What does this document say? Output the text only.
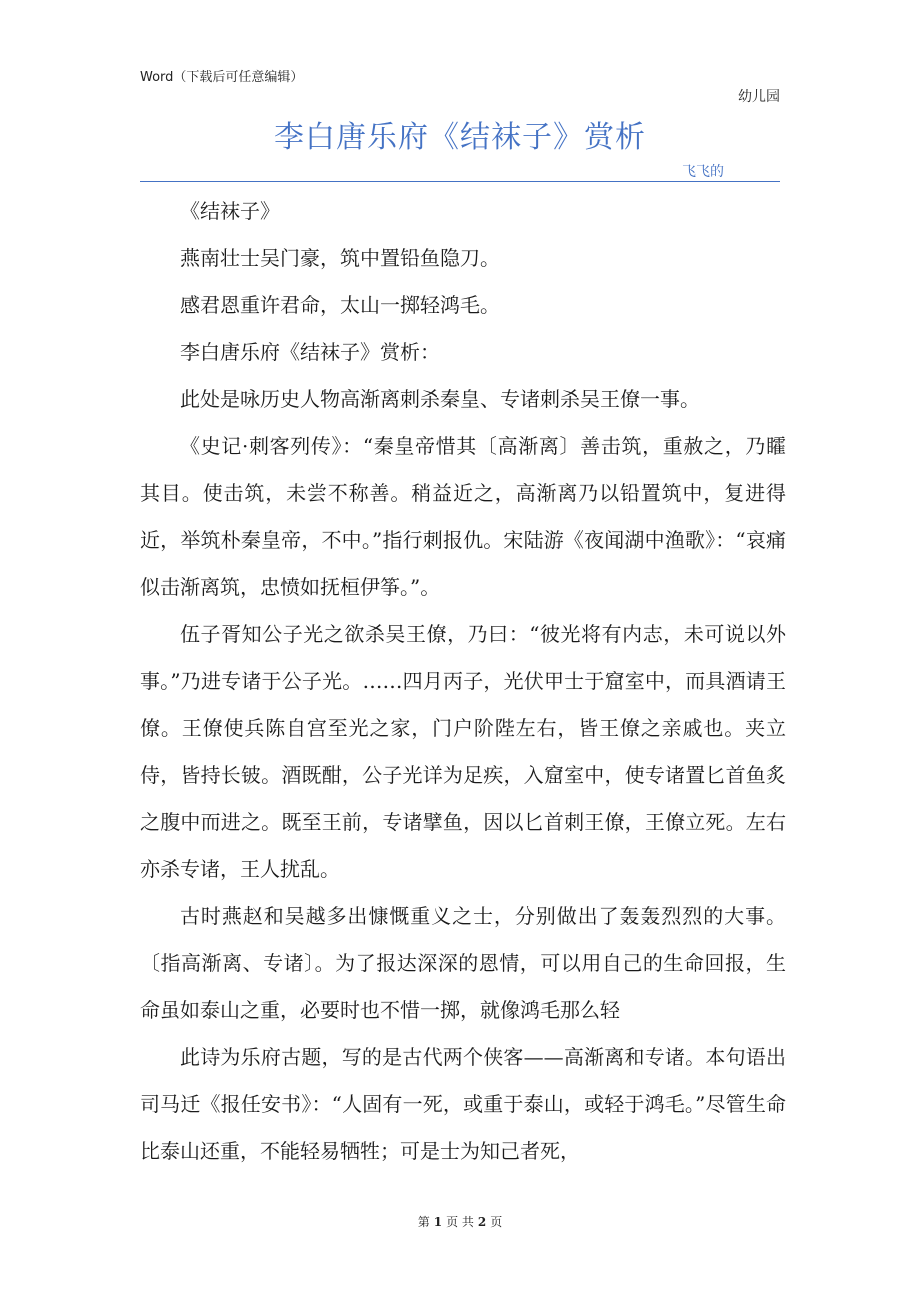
Word（下载后可任意编辑）
幼儿园
李白唐乐府《结袜子》赏析
飞飞的

《结袜子》

燕南壮士吴门豪，筑中置铅鱼隐刀。

感君恩重许君命，太山一掷轻鸿毛。

李白唐乐府《结袜子》赏析：

此处是咏历史人物高渐离刺杀秦皇、专诸刺杀吴王僚一事。

《史记·刺客列传》：“秦皇帝惜其〔高渐离〕善击筑，重赦之，乃矐其目。使击筑，未尝不称善。稍益近之，高渐离乃以铅置筑中，复进得近，举筑朴秦皇帝，不中。”指行刺报仇。宋陆游《夜闻湖中渔歌》：“哀痛似击渐离筑，忠愤如抚桓伊筝。”。

伍子胥知公子光之欲杀吴王僚，乃曰：“彼光将有内志，未可说以外事。”乃进专诸于公子光。……四月丙子，光伏甲士于窟室中，而具酒请王僚。王僚使兵陈自宫至光之家，门户阶陛左右，皆王僚之亲戚也。夹立侍，皆持长铍。酒既酣，公子光详为足疾，入窟室中，使专诸置匕首鱼炙之腹中而进之。既至王前，专诸擘鱼，因以匕首刺王僚，王僚立死。左右亦杀专诸，王人扰乱。

古时燕赵和吴越多出慷慨重义之士，分别做出了轰轰烈烈的大事。〔指高渐离、专诸〕。为了报达深深的恩情，可以用自己的生命回报，生命虽如泰山之重，必要时也不惜一掷，就像鸿毛那么轻

此诗为乐府古题，写的是古代两个侠客——高渐离和专诸。本句语出司马迁《报任安书》：“人固有一死，或重于泰山，或轻于鸿毛。”尽管生命比泰山还重，不能轻易牺牲；可是士为知己者死，

第 1 页 共 2 页
